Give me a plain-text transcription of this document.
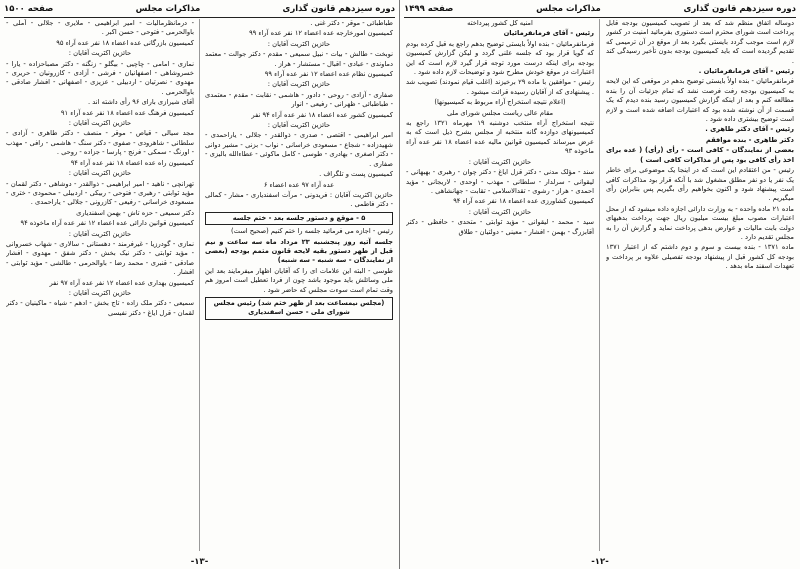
دوره سیزدهم قانون گذاری
مذاکرات مجلس
صفحه ۱۵۰۰

طباطبائی - موقر - دکتر غنی .

کمیسیون امورخارجه عده اعضاء ۱۲ نفر عده آراء ۹۹

حائزین اکثریت آقایان :

نوبخت - طالش - بیات - نبیل سمیعی - مقدم - دکتر جوالت - معتمد دماوندی - عبادی - اقبال - مستشار - هراز .

کمیسیون نظام عده اعضاء ۱۲ نفر عده آراء ۹۹

حائزین اکثریت آقایان :

صفاری - آزادی - روحی - دادور - هاشمی - نقابت - مقدم - معتمدی - طباطبائی - ظهرانی - رفیعی - انوار

کمیسیون کشور عده اعضاء ۱۸ نفر عده آراء ۹۴ نفر

حائزین اکثریت آقایان :

امیر ابراهیمی - اقتصی - صدری - ذوالقدر - جلالی - یاراحمدی - شهیدزاده - شجاع - مسعودی خراسانی - نواب - بزنی - مشیر دوانی - دکتر اصغری - بهادری - طوسی - کامل ماکوئی - عطاءالله بالیزی - صفاری .

کمیسیون پست و تلگراف .

عده آراء ۹۷ عده اعضاء ۶

حائزین اکثریت آقایان : فریدونی - مرآت اسفندیاری - مشار - کمالی - دکتر فاطمی .

۵ - موقع و دستور جلسه بعد - ختم جلسه

رئیس - اجازه می فرمائید جلسه را ختم کنیم (صحیح است)

جلسه آتیه روز پنجشنبه ۲۳ مرداد ماه سه ساعت و نیم قبل از ظهر دستور بقیه لایحه قانون متمم بودجه (بعضی از نمایندگان - سه شنبه - سه شنبه)

طوسی - البته این علامات ای را که آقایان اظهار میفرمایند بعد این ملی وسائلش باید موجود باشد چون از فردا تعطیل است امروز هم وقت تمام است سوءت مجلس که حاضر شود .

(مجلس نیمساعت بعد از ظهر ختم شد) رئیس مجلس شورای ملی - حسن اسفندیاری

- درمانظرمالیات - امیر ابراهیمی - ملایری - جلالی - آملی - باوالحرمی - فتوحی - حسن اکبر .

کمیسیون بازرگانی عده اعضاء ۱۸ نفر عده آراء ۹۵

حائزین اکثریت آقایان :

نمازی - امامی - چاچیی - بیگلو - زنگنه - دکتر مصباحزاده - یارا - خسروشاهی - اصفهانیان - فرشی - آزادی - کازرونیان - حریری - مهدوی - نصرتیان - اردبیلی - عزیزی - اصفهانی - افشار صادقی - باوالحرمی .

آقای شیرازی بارای ۹۶ رأی داشته اند .

کمیسیون فرهنگ عده اعضاء ۱۸ نفر عده آراء ۹۱

حائزین اکثریت آقایان :

مجد سیالی - قیاص - موقر - منصف - دکتر طاهری - آزادی - سلطانی - شاهرودی - صفوی - دکتر سنگ - هاشمی - رافی - مهذب - اورنگ - سمکی - فرنج - پارسا - جزاده - روحی .

کمیسیون راه عده اعضاء ۱۸ نفر عده آراء ۹۴

حائزین اکثریت آقایان :

تهرانچی - ناهید - امیر ابراهیمی - ذوالقدر - دوشاهی - دکتر لقمان - مؤید ثوابتی - رهبری - فتوحی - ربیکی - اردبیلی - محمودی - ختری - مسعودی خراسانی - رفیعی - کازرونی - جلالی - یاراحمدی .

دکتر سمیعی - حزه تاش - بهمن اسفندیاری

کمیسیون قوانین دارائی عده اعضاء ۱۲ نفر عده آراء ماخوذه ۹۴

حائزین اکثریت آقایان :

نمازی - گودرزیا - غیرفرمند - دهستانی - سالاری - شهاب خسروانی - مؤید ثوابتی - دکتر نیک بخش - دکتر شفق - مهدوی - افشار صادقی - قنبری - محمد رضا - باوالحرمی - طالشی - مؤید ثوابتی - افشار .

کمیسیون بهداری عده اعضاء ۱۲ نفر عده آراء ۹۷ نفر

حائزین اکثریت آقایان :

سمیعی - دکتر ملک زاده - تاج بخش - ادهم - شیاه - ماکینیان - دکتر لقمان - قرل ایاغ - دکتر نفیسی

-۱۳-
دوره سیزدهم قانون گذاری
مذاکرات مجلس
صفحه ۱۴۹۹

دوساله اتفاق منظم شد که بعد از تصویب کمیسیون بودجه قابل پرداخت است شورای محترم است دستوری بفرمائید امنیت در کشور لازم است موجب گردد بایستی بگیرد بعد از موقع در آن ترمیمی که تقدیم گردیده است که باید کمیسیون بودجه بدون تأخیر رسیدگی کند .

رئیس - آقای فرمانفرمائیان .

فرمانفرمائیان - بنده اولاً بایستی توضیح بدهم در موقعی که این لایحه به کمیسیون بودجه رفت فرصت نشد که تمام جزئیات آن را بنده مطالعه کنم و بعد از اینکه گزارش کمیسیون رسید بنده دیدم که یک قسمت از آن نوشته شده بود که اعتبارات اضافه شده است و لازم است توضیح بیشتری داده شود .

رئیس - آقای دکتر طاهری .

دکتر طاهری - بنده موافقم

بعضی از نمایندگان - کافی است - رأی (رأی) ( عده برای اخذ رأی کافی بود پس از مذاکرات کافی است )

رئیس - من اعتقادم این است که در اینجا یک موضوعی برای خاطر یک نفر یا دو نفر مطلق مشغول شد با آنکه قرار بود مذاکرات کافی است پیشنهاد شود و اکنون بخواهیم رأی بگیریم پس بنابراین رأی میگیریم .

ماده ۲۱ ماده واحده - به وزارت دارائی اجازه داده میشود که از محل اعتبارات مصوب مبلغ بیست میلیون ریال جهت پرداخت بدهیهای دولت بابت مالیات و عوارض بدهی پرداخت نماید و گزارش آن را به مجلس تقدیم دارد .

ماده ۱۳۷۱ - بنده بیست و سوم و دوم داشتم که از اعتبار ۱۳۷۱ بودجه کل کشور قبل از پیشنهاد بودجه تفصیلی علاوه بر پرداخت و تعهدات اسفند ماه بدهد .

امنیه کل کشور پیرداخته

رئیس - آقای فرمانفرمائیان

فرمانفرمائیان - بنده اولاً بایستی توضیح بدهم راجع به قبل کرده بودم که گویا قرار بود که جلسه علنی گردد و لیکن گزارش کمیسیون بودجه برای اینکه درست مورد توجه قرار گیرد لازم است که این اعتبارات در موقع خودش مطرح شود و توضیحات لازم داده شود .

رئیس - موافقین با ماده ۲۹ برخیزند (اغلب قیام نمودند) تصویب شد . پیشنهادی که از آقایان رسیده قرائت میشود .

(اعلام نتیجه استخراج آراء مربوط به کمیسیونها)

مقام عالی ریاست مجلس شورای ملی

نتیجه استخراج آراء منتخب دوشنبه ۱۹ مهرماه ۱۳۲۱ راجع به کمیسیونهای دوازده گانه منتخبه از مجلس بشرح ذیل است که به عرض میرساند کمیسیون قوانین مالیه عده اعضاء ۱۸ نفر عده آراء ماخوذه ۹۳

حائزین اکثریت آقایان :

سند - مؤلک مدنی - دکتر قزل ایاغ - دکتر چوان - رهبری - بهبهانی - لیقوانی - سرلدار - سلطانی - مهذب - اوحدی - لاریجانی - مؤید احمدی - هراز - رشوی - تقدالاسلامی - تقابت - جهانشاهی .

کمیسیون کشاورزی عده اعضاء ۱۸ نفر عده آراء ۹۴

حائزین اکثریت آقایان :

سید - محمد - لیقوانی - مؤید ثوابتی - متحدی - حافظی - دکتر آقابزرگ - بهمن - افشار - معینی - دولتیان - طلاق

-۱۲-
